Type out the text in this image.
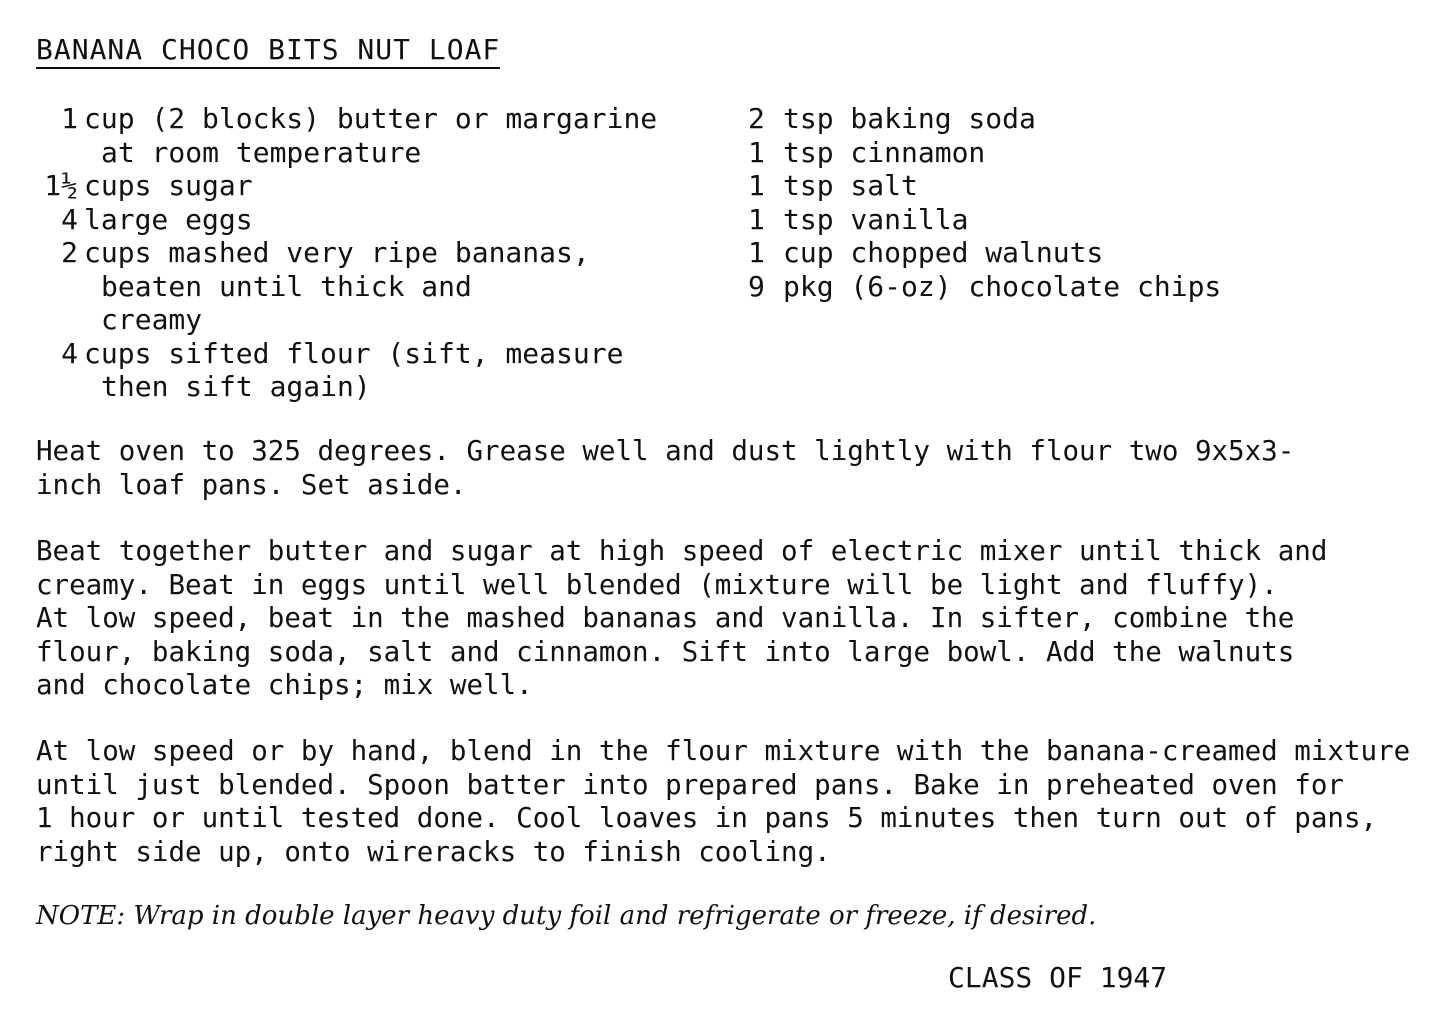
BANANA CHOCO BITS NUT LOAF
1 cup (2 blocks) butter or margarine
at room temperature
1½ cups sugar
4 large eggs
2 cups mashed very ripe bananas,
beaten until thick and
creamy
4 cups sifted flour (sift, measure
then sift again)
2 tsp baking soda
1 tsp cinnamon
1 tsp salt
1 tsp vanilla
1 cup chopped walnuts
9 pkg (6-oz) chocolate chips
Heat oven to 325 degrees. Grease well and dust lightly with flour two 9x5x3-
inch loaf pans. Set aside.
Beat together butter and sugar at high speed of electric mixer until thick and
creamy. Beat in eggs until well blended (mixture will be light and fluffy).
At low speed, beat in the mashed bananas and vanilla. In sifter, combine the
flour, baking soda, salt and cinnamon. Sift into large bowl. Add the walnuts
and chocolate chips; mix well.
At low speed or by hand, blend in the flour mixture with the banana-creamed mixture
until just blended. Spoon batter into prepared pans. Bake in preheated oven for
1 hour or until tested done. Cool loaves in pans 5 minutes then turn out of pans,
right side up, onto wireracks to finish cooling.
NOTE: Wrap in double layer heavy duty foil and refrigerate or freeze, if desired.
CLASS OF 1947
